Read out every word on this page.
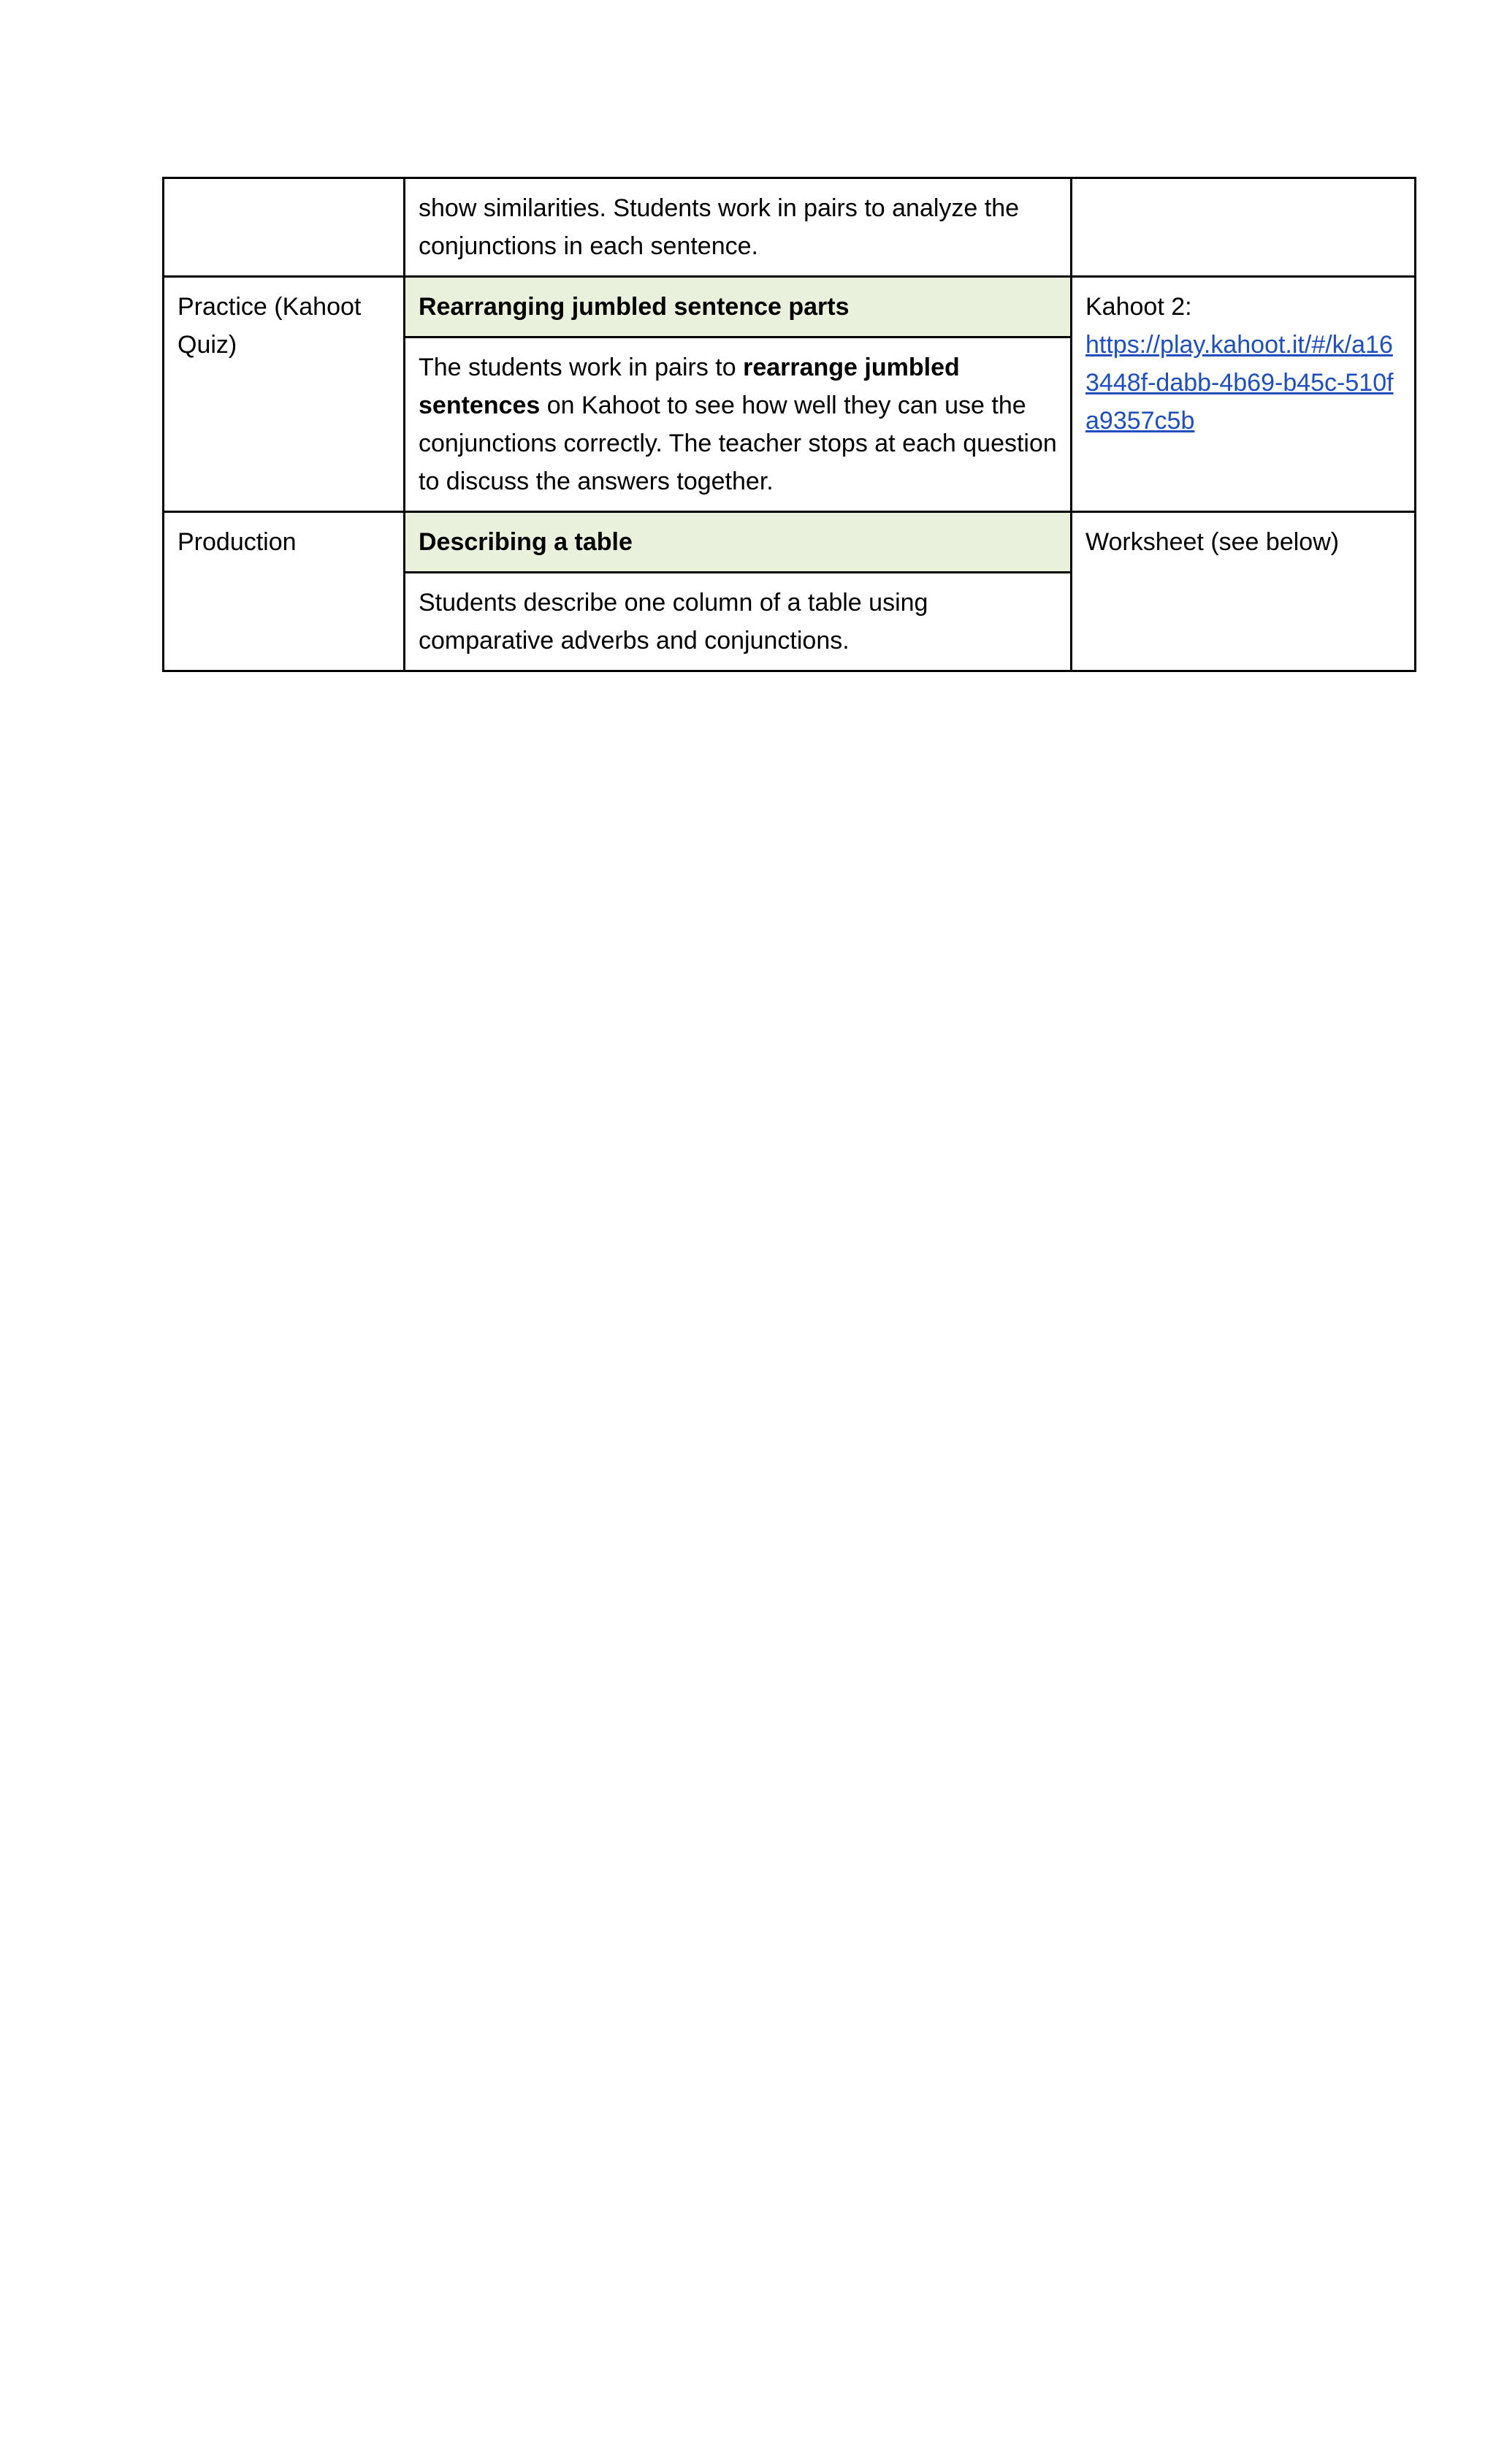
	show similarities. Students work in pairs to analyze the conjunctions in each sentence.	
Practice (Kahoot Quiz)	Rearranging jumbled sentence parts	Kahoot 2:
https://play.kahoot.it/#/k/a163448f-dabb-4b69-b45c-510fa9357c5b
	The students work in pairs to rearrange jumbled sentences on Kahoot to see how well they can use the conjunctions correctly. The teacher stops at each question to discuss the answers together.	
Production	Describing a table	Worksheet (see below)
	Students describe one column of a table using comparative adverbs and conjunctions.	
